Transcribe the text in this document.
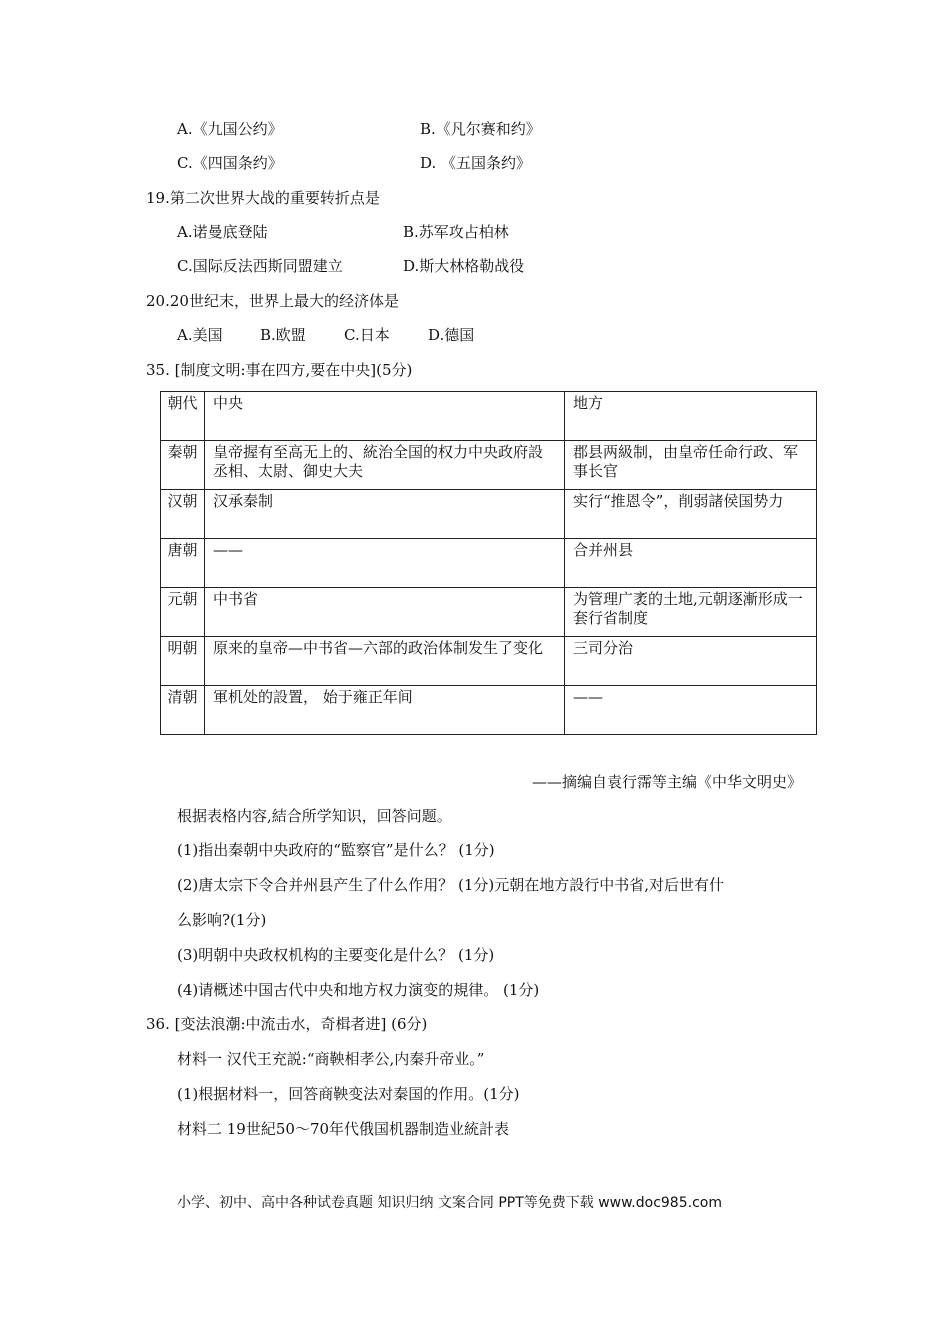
A.《九国公约》	B.《凡尔赛和约》
C.《四国条约》	D. 《五国条约》
19.第二次世界大战的重要转折点是
A.诺曼底登陆	B.苏军攻占柏林
C.国际反法西斯同盟建立	D.斯大林格勒战役
20.20世纪末，世界上最大的经济体是
A.美国 B.欧盟	C.日本	D.德国
35. [制度文明:事在四方,要在中央](5分)
朝代	中央	地方
秦朝	皇帝握有至高无上的、統治全国的权力中央政府設丞相、太尉、御史大夫	郡县两級制，由皇帝任命行政、军事长官
汉朝	汉承秦制	实行“推恩令”，削弱諸侯国势力
唐朝	——	合并州县
元朝	中书省	为管理广袤的土地,元朝逐漸形成一套行省制度
明朝	原来的皇帝—中书省—六部的政治体制发生了变化	三司分治
清朝	軍机处的設置， 始于雍正年间	——
——摘编自袁行霈等主编《中华文明史》
根据表格内容,結合所学知识，回答问题。
(1)指出秦朝中央政府的“監察官”是什么？ (1分)
(2)唐太宗下令合并州县产生了什么作用？ (1分)元朝在地方設行中书省,对后世有什
么影响?(1分)
(3)明朝中央政权机构的主要变化是什么？ (1分)
(4)请概述中国古代中央和地方权力演变的規律。 (1分)
36. [变法浪潮:中流击水，奇楫者进] (6分)
材料一 汉代王充説:“商鞅相孝公,内秦升帝业。”
(1)根据材料一，回答商鞅变法对秦国的作用。(1分)
材料二 19世紀50～70年代俄国机器制造业統計表
小学、初中、高中各种试卷真题 知识归纳 文案合同 PPT等免费下载 www.doc985.com
